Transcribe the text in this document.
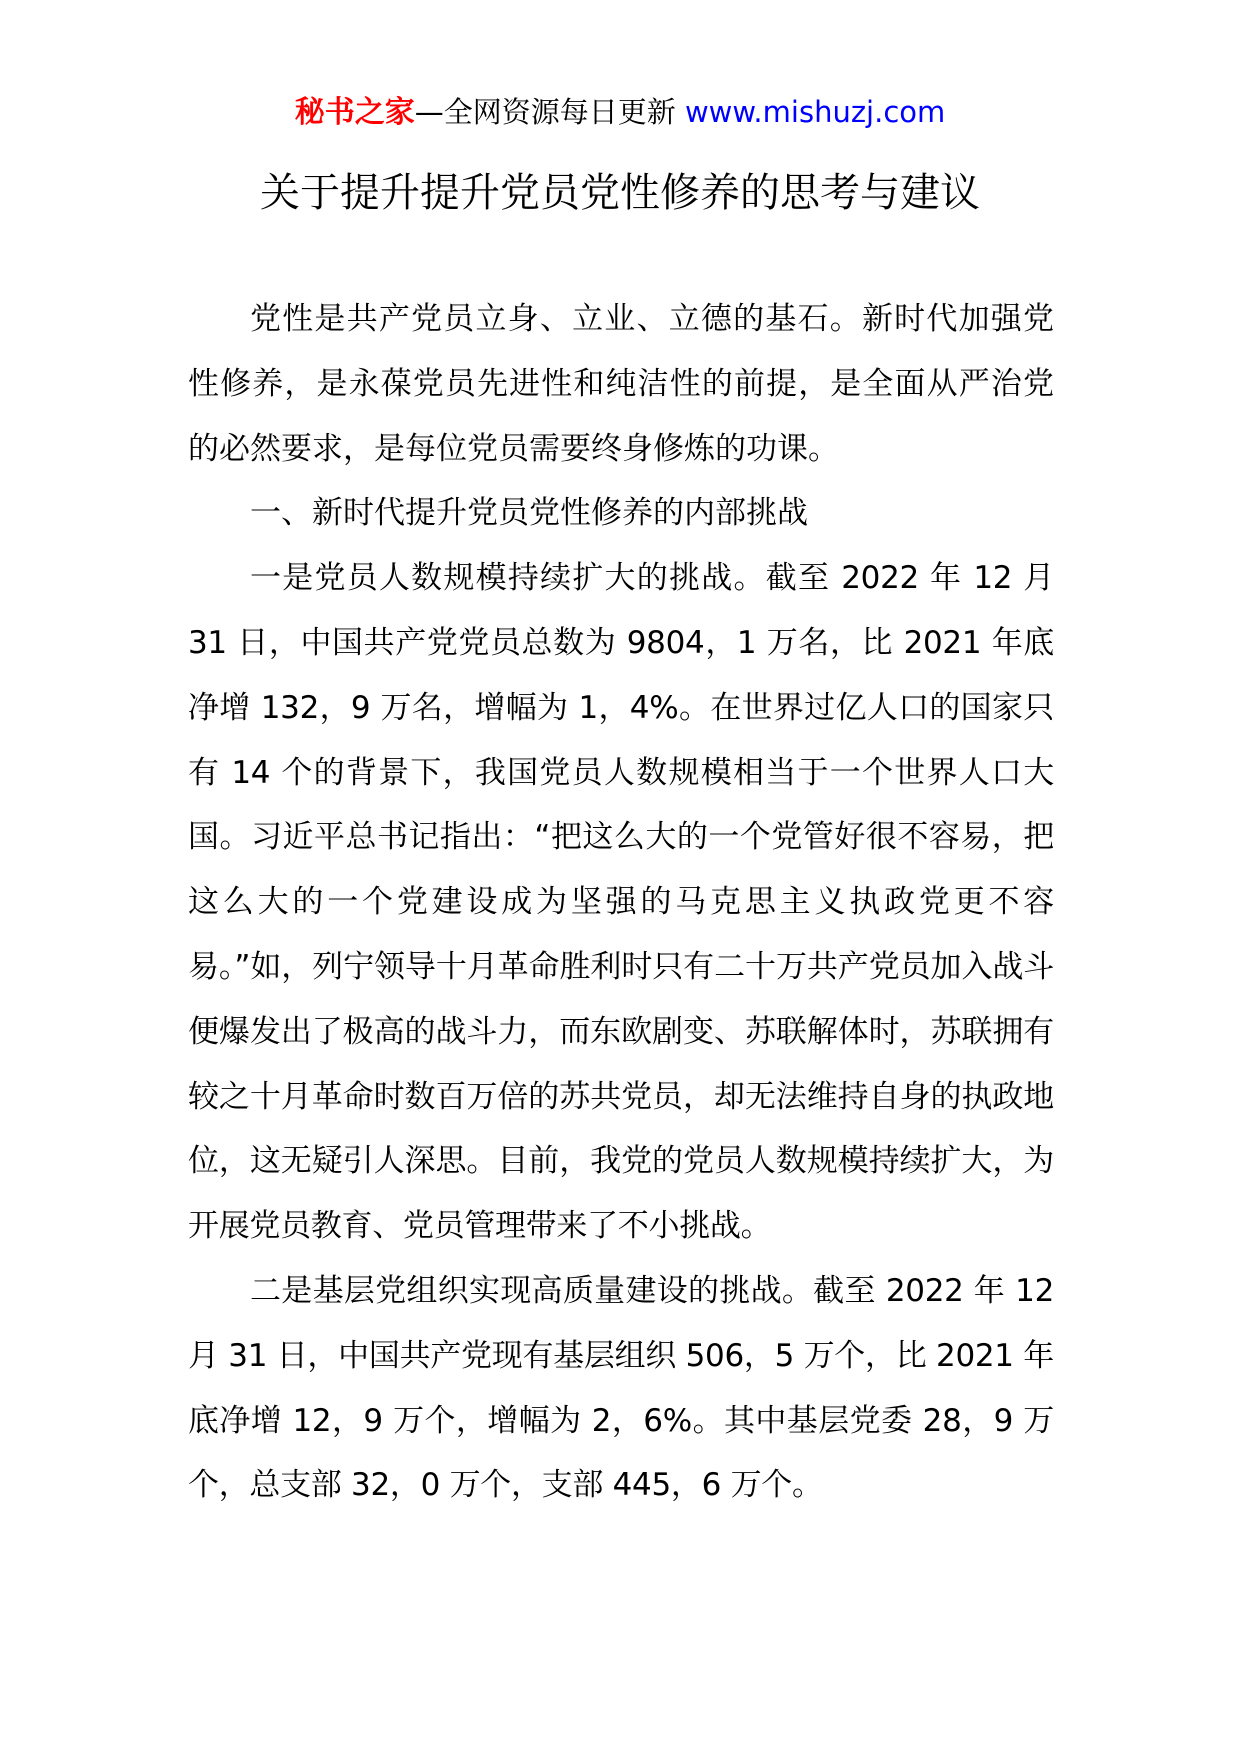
秘书之家—全网资源每日更新 www.mishuzj.com
关于提升提升党员党性修养的思考与建议

党性是共产党员立身、立业、立德的基石。新时代加强党性修养，是永葆党员先进性和纯洁性的前提，是全面从严治党的必然要求，是每位党员需要终身修炼的功课。

一、新时代提升党员党性修养的内部挑战

一是党员人数规模持续扩大的挑战。截至 2022 年 12 月 31 日，中国共产党党员总数为 9804，1 万名，比 2021 年底净增 132，9 万名，增幅为 1，4%。在世界过亿人口的国家只有 14 个的背景下，我国党员人数规模相当于一个世界人口大国。习近平总书记指出：“把这么大的一个党管好很不容易，把这么大的一个党建设成为坚强的马克思主义执政党更不容易。”如，列宁领导十月革命胜利时只有二十万共产党员加入战斗便爆发出了极高的战斗力，而东欧剧变、苏联解体时，苏联拥有较之十月革命时数百万倍的苏共党员，却无法维持自身的执政地位，这无疑引人深思。目前，我党的党员人数规模持续扩大，为开展党员教育、党员管理带来了不小挑战。

二是基层党组织实现高质量建设的挑战。截至 2022 年 12 月 31 日，中国共产党现有基层组织 506，5 万个，比 2021 年底净增 12，9 万个，增幅为 2，6%。其中基层党委 28，9 万个，总支部 32，0 万个，支部 445，6 万个。
